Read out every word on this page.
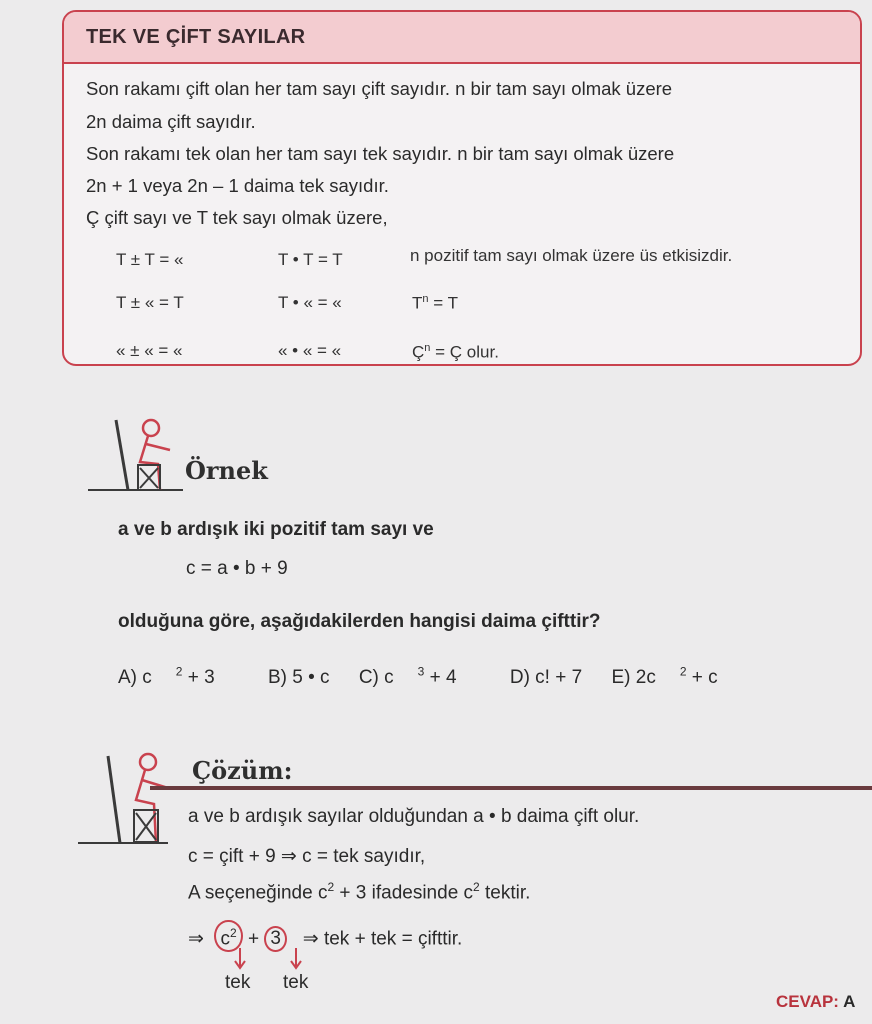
TEK VE ÇİFT SAYILAR
Son rakamı çift olan her tam sayı çift sayıdır. n bir tam sayı olmak üzere
2n daima çift sayıdır.
Son rakamı tek olan her tam sayı tek sayıdır. n bir tam sayı olmak üzere
2n + 1 veya 2n – 1 daima tek sayıdır.
Ç çift sayı ve T tek sayı olmak üzere,
T ± T = «	T • T = T	n pozitif tam sayı olmak üzere üs etkisizdir.
T ± « = T	T • « = «	$T^n = T$
« ± « = «	« • « = «	$Ç^n$ = Ç olur.
Örnek
a ve b ardışık iki pozitif tam sayı ve
c = a • b + 9
olduğuna göre, aşağıdakilerden hangisi daima çifttir?
A) c $^2$ + 3	B) 5 • c C) c $^3$ + 4	D) c! + 7 E) 2c $^2$ + c
Çözüm:
a ve b ardışık sayılar olduğundan a • b daima çift olur.
c = çift + 9 ⇒ c = tek sayıdır,
A seçeneğinde $c^2 + 3$ ifadesinde $c^2$ tektir.
⇒ $c^2 + 3$ ⇒ tek + tek = çifttir.
tek tek
CEVAP: A
